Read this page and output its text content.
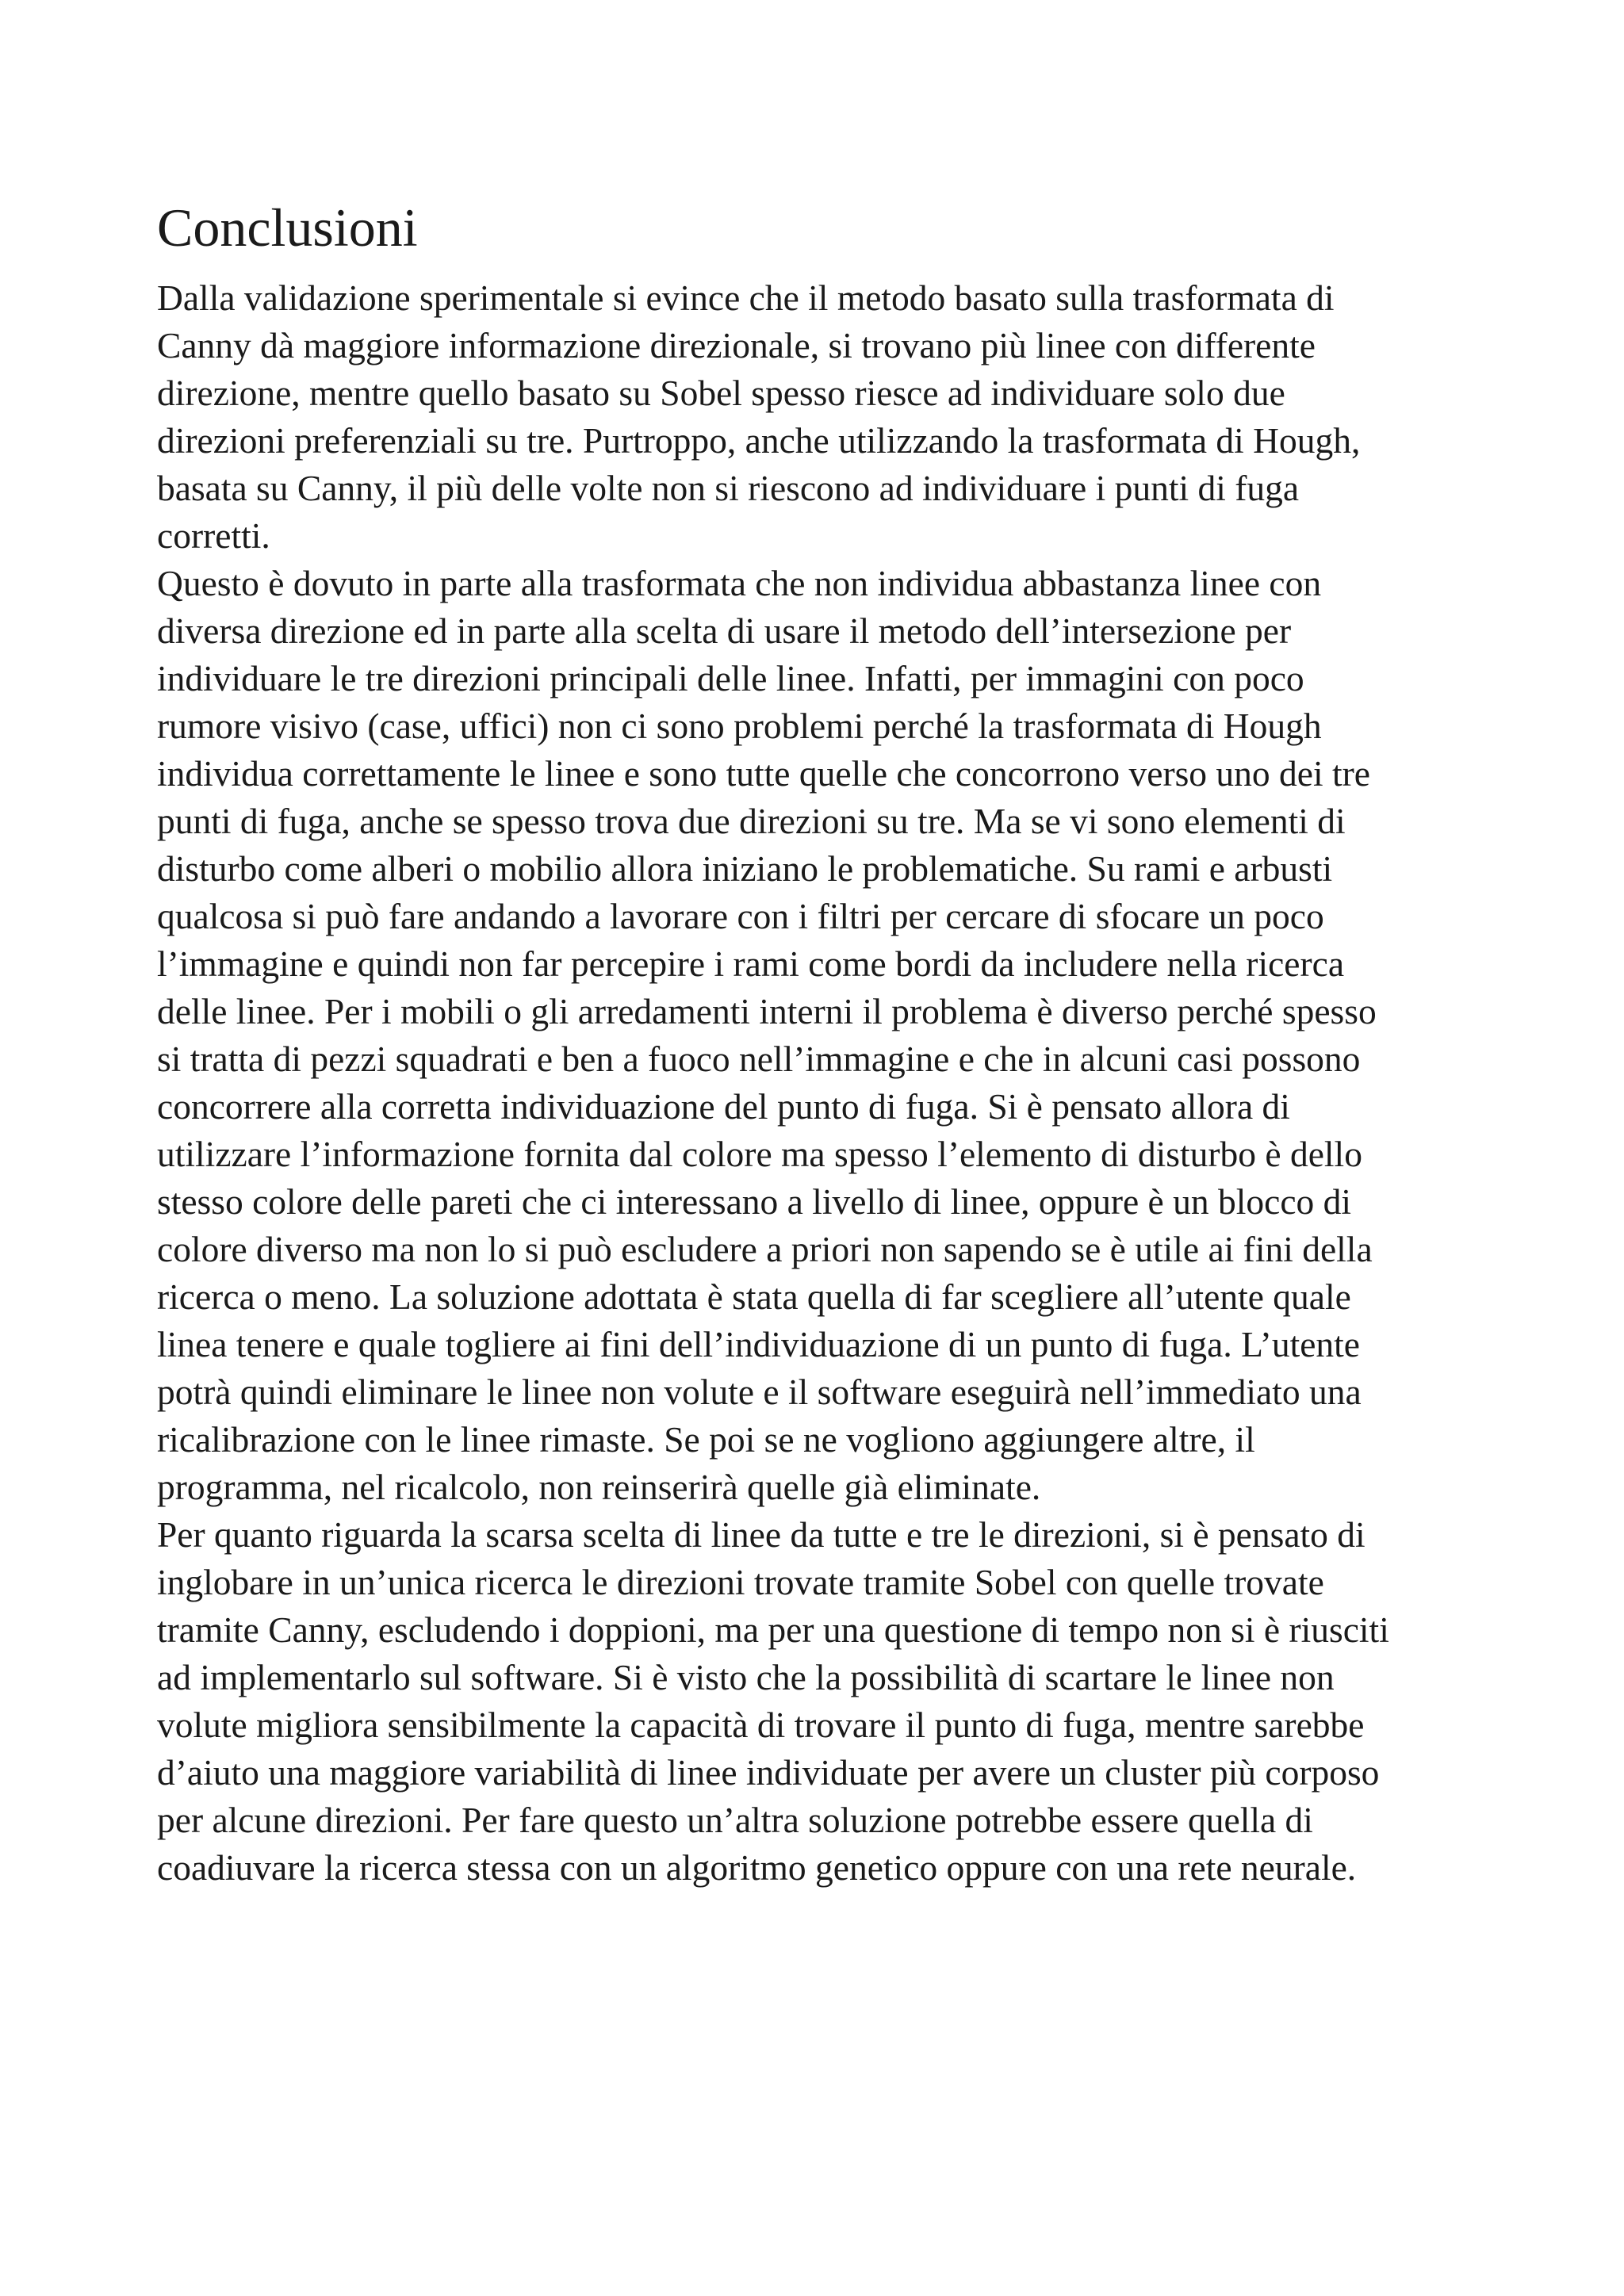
Conclusioni
Dalla validazione sperimentale si evince che il metodo basato sulla trasformata di
Canny dà maggiore informazione direzionale, si trovano più linee con differente
direzione, mentre quello basato su Sobel spesso riesce ad individuare solo due
direzioni preferenziali su tre. Purtroppo, anche utilizzando la trasformata di Hough,
basata su Canny, il più delle volte non si riescono ad individuare i punti di fuga
corretti.
Questo è dovuto in parte alla trasformata che non individua abbastanza linee con
diversa direzione ed in parte alla scelta di usare il metodo dell’intersezione per
individuare le tre direzioni principali delle linee. Infatti, per immagini con poco
rumore visivo (case, uffici) non ci sono problemi perché la trasformata di Hough
individua correttamente le linee e sono tutte quelle che concorrono verso uno dei tre
punti di fuga, anche se spesso trova due direzioni su tre. Ma se vi sono elementi di
disturbo come alberi o mobilio allora iniziano le problematiche. Su rami e arbusti
qualcosa si può fare andando a lavorare con i filtri per cercare di sfocare un poco
l’immagine e quindi non far percepire i rami come bordi da includere nella ricerca
delle linee. Per i mobili o gli arredamenti interni il problema è diverso perché spesso
si tratta di pezzi squadrati e ben a fuoco nell’immagine e che in alcuni casi possono
concorrere alla corretta individuazione del punto di fuga. Si è pensato allora di
utilizzare l’informazione fornita dal colore ma spesso l’elemento di disturbo è dello
stesso colore delle pareti che ci interessano a livello di linee, oppure è un blocco di
colore diverso ma non lo si può escludere a priori non sapendo se è utile ai fini della
ricerca o meno. La soluzione adottata è stata quella di far scegliere all’utente quale
linea tenere e quale togliere ai fini dell’individuazione di un punto di fuga. L’utente
potrà quindi eliminare le linee non volute e il software eseguirà nell’immediato una
ricalibrazione con le linee rimaste. Se poi se ne vogliono aggiungere altre, il
programma, nel ricalcolo, non reinserirà quelle già eliminate.
Per quanto riguarda la scarsa scelta di linee da tutte e tre le direzioni, si è pensato di
inglobare in un’unica ricerca le direzioni trovate tramite Sobel con quelle trovate
tramite Canny, escludendo i doppioni, ma per una questione di tempo non si è riusciti
ad implementarlo sul software. Si è visto che la possibilità di scartare le linee non
volute migliora sensibilmente la capacità di trovare il punto di fuga, mentre sarebbe
d’aiuto una maggiore variabilità di linee individuate per avere un cluster più corposo
per alcune direzioni. Per fare questo un’altra soluzione potrebbe essere quella di
coadiuvare la ricerca stessa con un algoritmo genetico oppure con una rete neurale.
